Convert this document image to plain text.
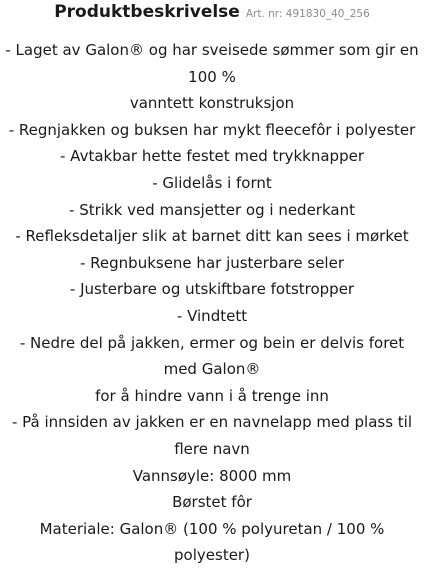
Produktbeskrivelse Art. nr: 491830_40_256
- Laget av Galon® og har sveisede sømmer som gir en
100 %
vanntett konstruksjon
- Regnjakken og buksen har mykt fleecefôr i polyester
- Avtakbar hette festet med trykknapper
- Glidelås i fornt
- Strikk ved mansjetter og i nederkant
- Refleksdetaljer slik at barnet ditt kan sees i mørket
- Regnbuksene har justerbare seler
- Justerbare og utskiftbare fotstropper
- Vindtett
- Nedre del på jakken, ermer og bein er delvis foret
med Galon®
for å hindre vann i å trenge inn
- På innsiden av jakken er en navnelapp med plass til
flere navn
Vannsøyle: 8000 mm
Børstet fôr
Materiale: Galon® (100 % polyuretan / 100 %
polyester)
